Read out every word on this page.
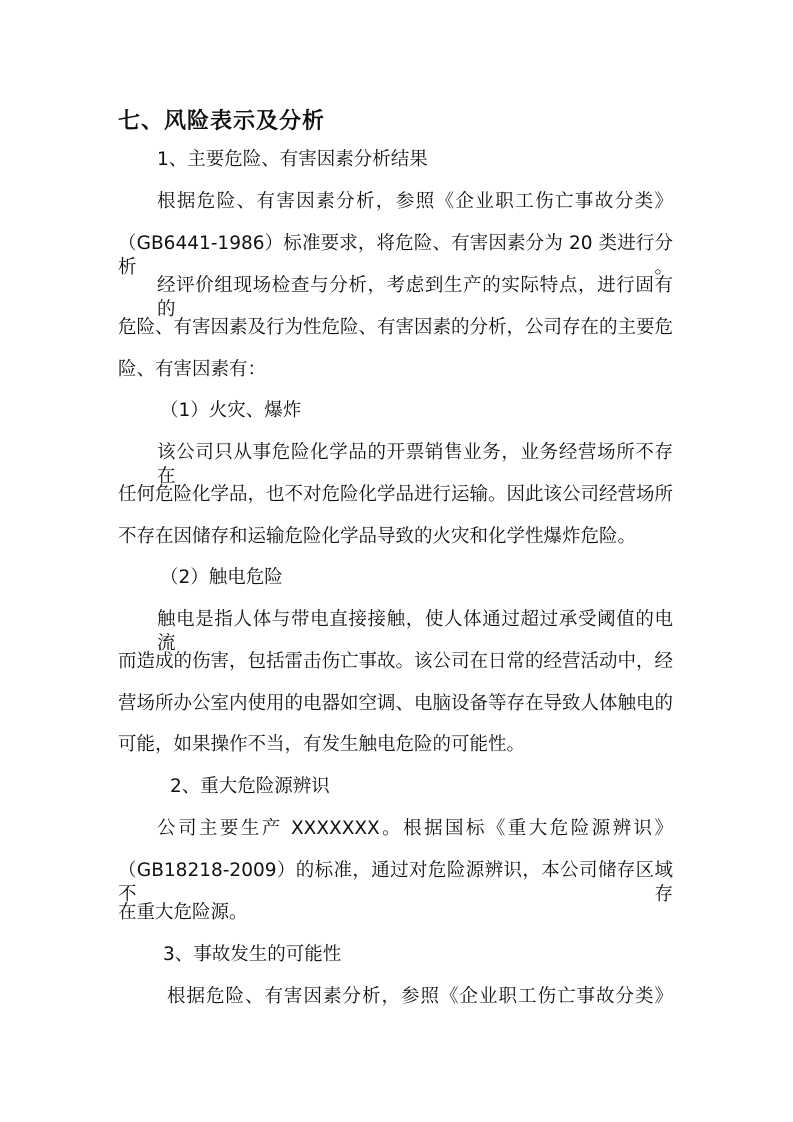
七、风险表示及分析
1、主要危险、有害因素分析结果
根据危险、有害因素分析，参照《企业职工伤亡事故分类》
（GB6441-1986）标准要求，将危险、有害因素分为 20 类进行分析。
经评价组现场检查与分析，考虑到生产的实际特点，进行固有的
危险、有害因素及行为性危险、有害因素的分析，公司存在的主要危
险、有害因素有：
（1）火灾、爆炸
该公司只从事危险化学品的开票销售业务，业务经营场所不存在
任何危险化学品，也不对危险化学品进行运输。因此该公司经营场所
不存在因储存和运输危险化学品导致的火灾和化学性爆炸危险。
（2）触电危险
触电是指人体与带电直接接触，使人体通过超过承受阈值的电流
而造成的伤害，包括雷击伤亡事故。该公司在日常的经营活动中，经
营场所办公室内使用的电器如空调、电脑设备等存在导致人体触电的
可能，如果操作不当，有发生触电危险的可能性。
2、重大危险源辨识
公司主要生产 XXXXXXX。根据国标《重大危险源辨识》
（GB18218-2009）的标准，通过对危险源辨识，本公司储存区域不存
在重大危险源。
3、事故发生的可能性
根据危险、有害因素分析，参照《企业职工伤亡事故分类》
